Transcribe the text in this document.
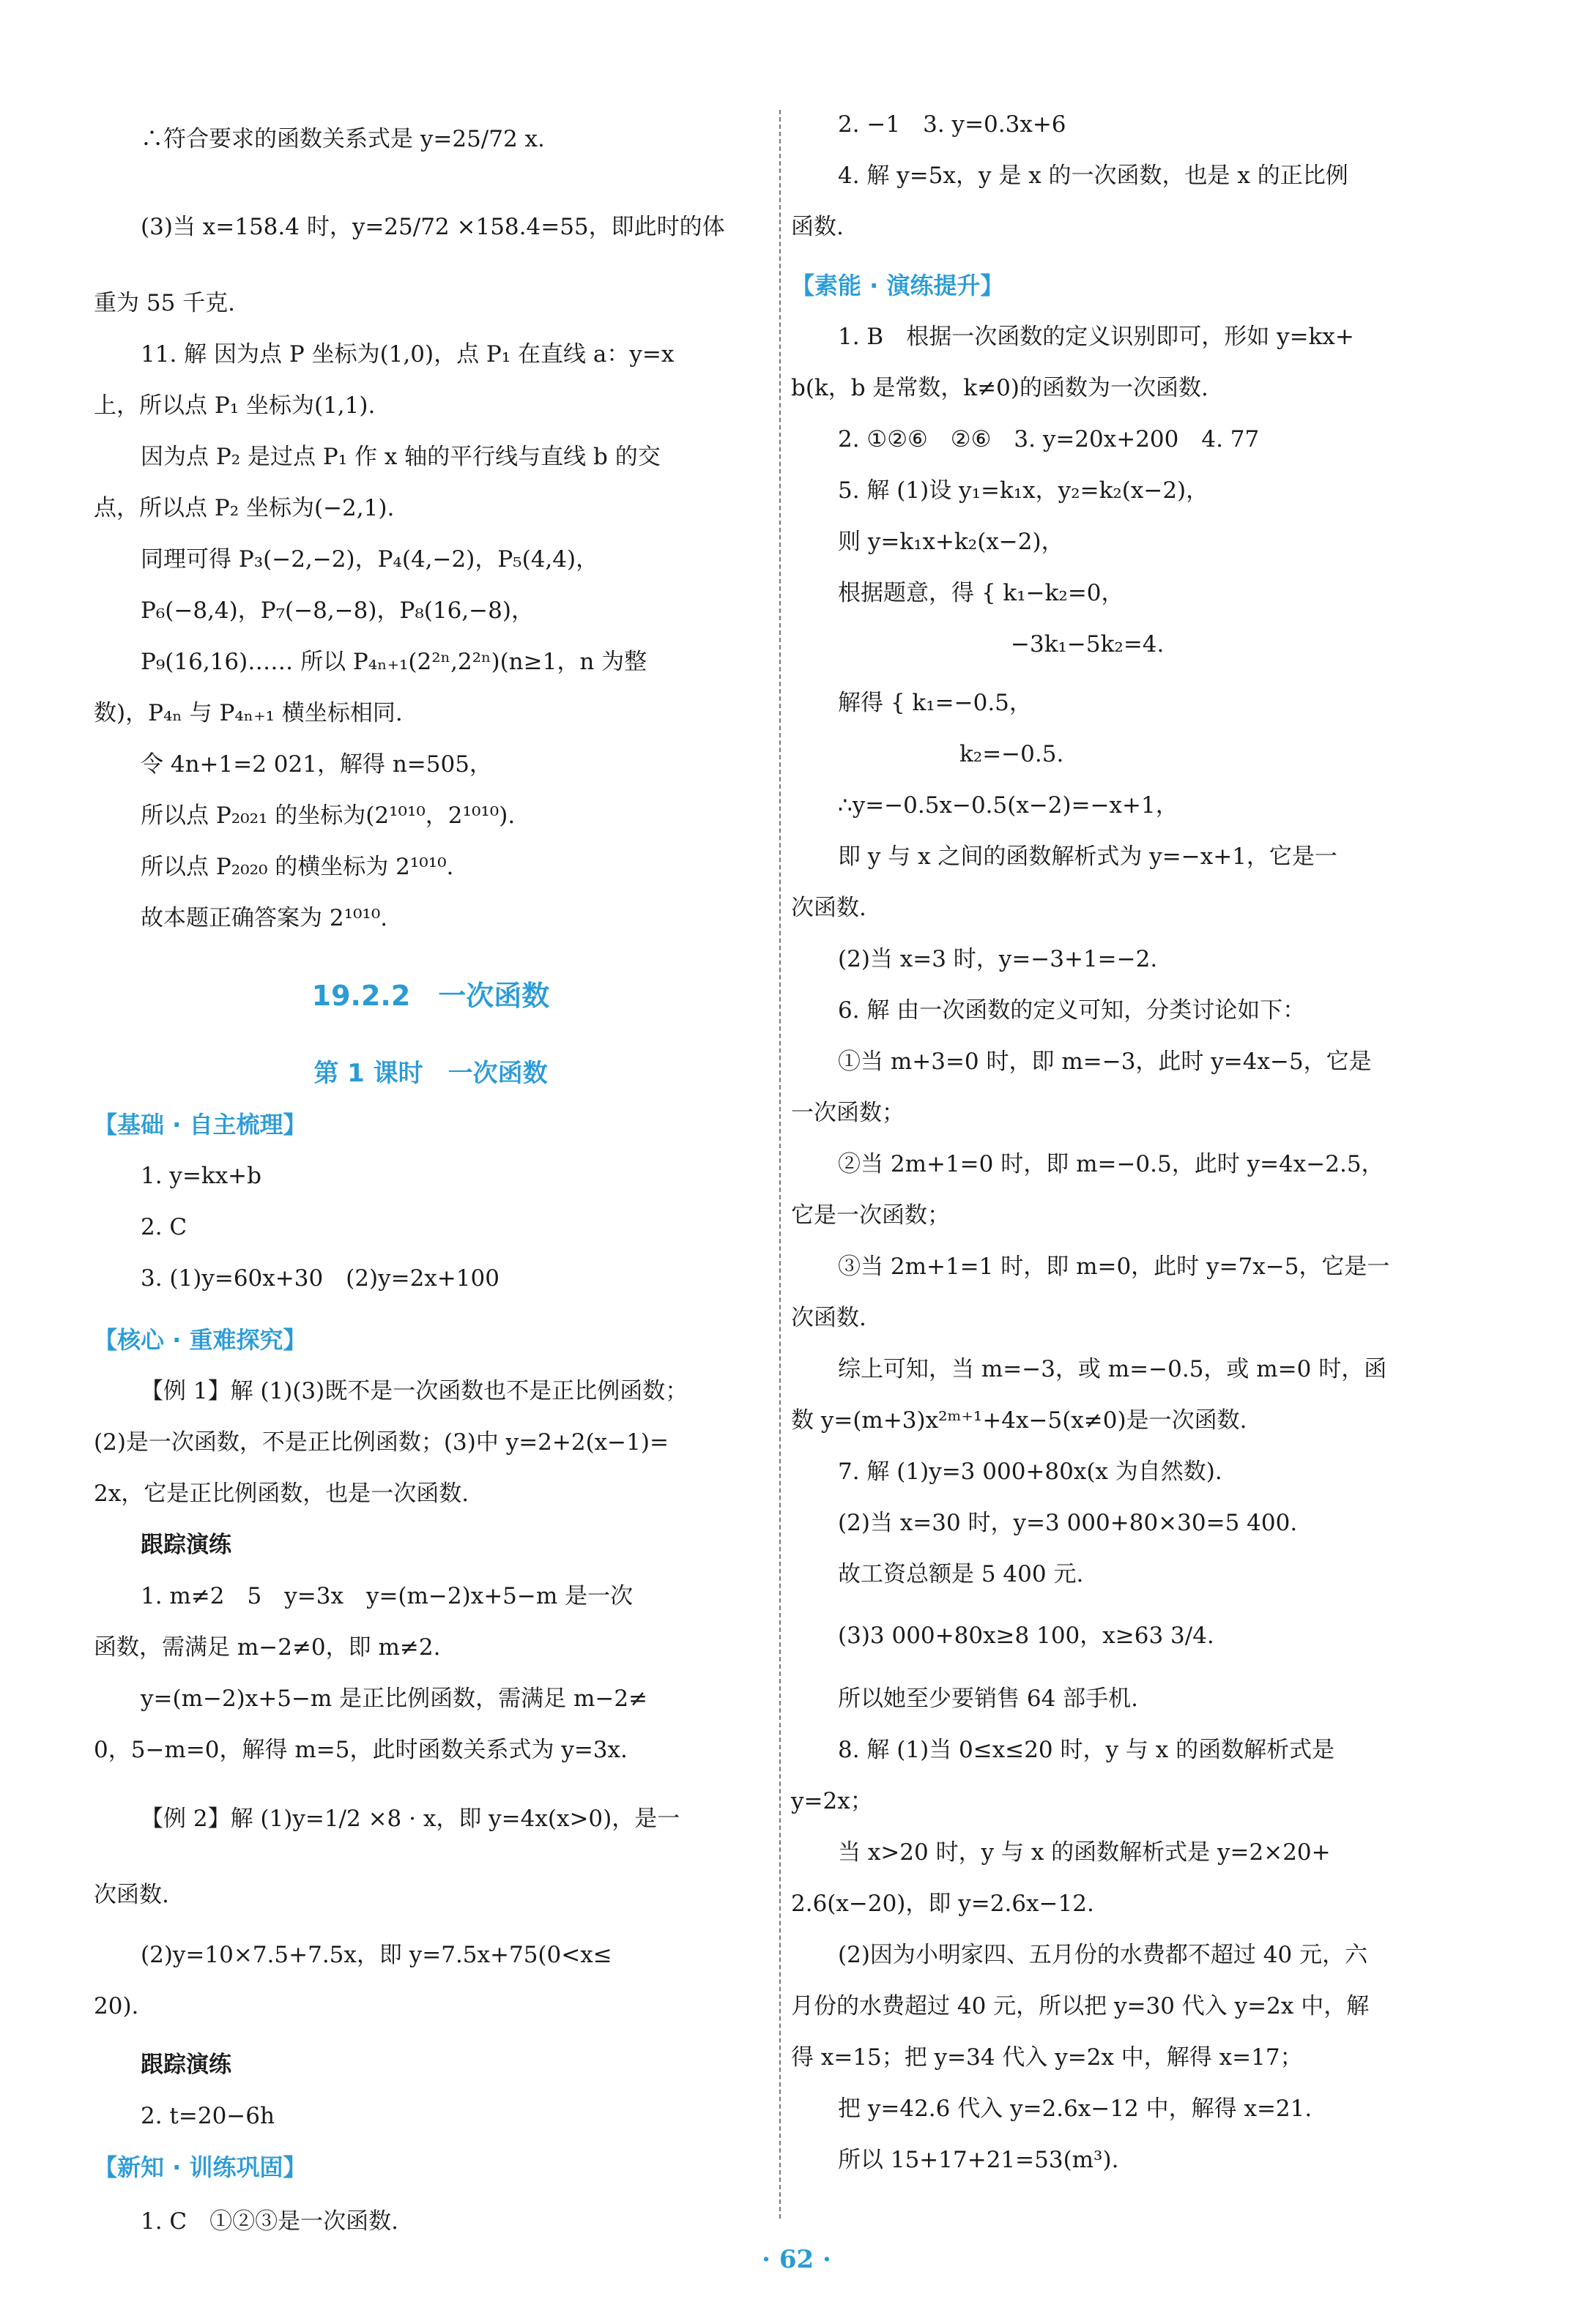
∴符合要求的函数关系式是 y=25/72 x.
(3)当 x=158.4 时，y=25/72 ×158.4=55，即此时的体
重为 55 千克.
11. 解 因为点 P 坐标为(1,0)，点 P₁ 在直线 a：y=x
上，所以点 P₁ 坐标为(1,1).
因为点 P₂ 是过点 P₁ 作 x 轴的平行线与直线 b 的交
点，所以点 P₂ 坐标为(−2,1).
同理可得 P₃(−2,−2)，P₄(4,−2)，P₅(4,4)，
P₆(−8,4)，P₇(−8,−8)，P₈(16,−8)，
P₉(16,16)…… 所以 P₄ₙ₊₁(2²ⁿ,2²ⁿ)(n≥1，n 为整
数)，P₄ₙ 与 P₄ₙ₊₁ 横坐标相同.
令 4n+1=2 021，解得 n=505，
所以点 P₂₀₂₁ 的坐标为(2¹⁰¹⁰，2¹⁰¹⁰).
所以点 P₂₀₂₀ 的横坐标为 2¹⁰¹⁰.
故本题正确答案为 2¹⁰¹⁰.
19.2.2　一次函数
第 1 课时　一次函数
【基础 · 自主梳理】
1. y=kx+b
2. C
3. (1)y=60x+30　(2)y=2x+100
【核心 · 重难探究】
【例 1】解 (1)(3)既不是一次函数也不是正比例函数；
(2)是一次函数，不是正比例函数；(3)中 y=2+2(x−1)=
2x，它是正比例函数，也是一次函数.
跟踪演练
1. m≠2　5　y=3x　y=(m−2)x+5−m 是一次
函数，需满足 m−2≠0，即 m≠2.
y=(m−2)x+5−m 是正比例函数，需满足 m−2≠
0，5−m=0，解得 m=5，此时函数关系式为 y=3x.
【例 2】解 (1)y=1/2 ×8 · x，即 y=4x(x>0)，是一
次函数.
(2)y=10×7.5+7.5x，即 y=7.5x+75(0<x≤
20).
跟踪演练
2. t=20−6h
【新知 · 训练巩固】
1. C　①②③是一次函数.
2. −1　3. y=0.3x+6
4. 解 y=5x，y 是 x 的一次函数，也是 x 的正比例
函数.
【素能 · 演练提升】
1. B　根据一次函数的定义识别即可，形如 y=kx+
b(k，b 是常数，k≠0)的函数为一次函数.
2. ①②⑥　②⑥　3. y=20x+200　4. 77
5. 解 (1)设 y₁=k₁x，y₂=k₂(x−2)，
则 y=k₁x+k₂(x−2)，
根据题意，得 { k₁−k₂=0，
−3k₁−5k₂=4.
解得 { k₁=−0.5，
k₂=−0.5.
∴y=−0.5x−0.5(x−2)=−x+1，
即 y 与 x 之间的函数解析式为 y=−x+1，它是一
次函数.
(2)当 x=3 时，y=−3+1=−2.
6. 解 由一次函数的定义可知，分类讨论如下：
①当 m+3=0 时，即 m=−3，此时 y=4x−5，它是
一次函数；
②当 2m+1=0 时，即 m=−0.5，此时 y=4x−2.5，
它是一次函数；
③当 2m+1=1 时，即 m=0，此时 y=7x−5，它是一
次函数.
综上可知，当 m=−3，或 m=−0.5，或 m=0 时，函
数 y=(m+3)x²ᵐ⁺¹+4x−5(x≠0)是一次函数.
7. 解 (1)y=3 000+80x(x 为自然数).
(2)当 x=30 时，y=3 000+80×30=5 400.
故工资总额是 5 400 元.
(3)3 000+80x≥8 100，x≥63 3/4.
所以她至少要销售 64 部手机.
8. 解 (1)当 0≤x≤20 时，y 与 x 的函数解析式是
y=2x；
当 x>20 时，y 与 x 的函数解析式是 y=2×20+
2.6(x−20)，即 y=2.6x−12.
(2)因为小明家四、五月份的水费都不超过 40 元，六
月份的水费超过 40 元，所以把 y=30 代入 y=2x 中，解
得 x=15；把 y=34 代入 y=2x 中，解得 x=17；
把 y=42.6 代入 y=2.6x−12 中，解得 x=21.
所以 15+17+21=53(m³).
· 62 ·
